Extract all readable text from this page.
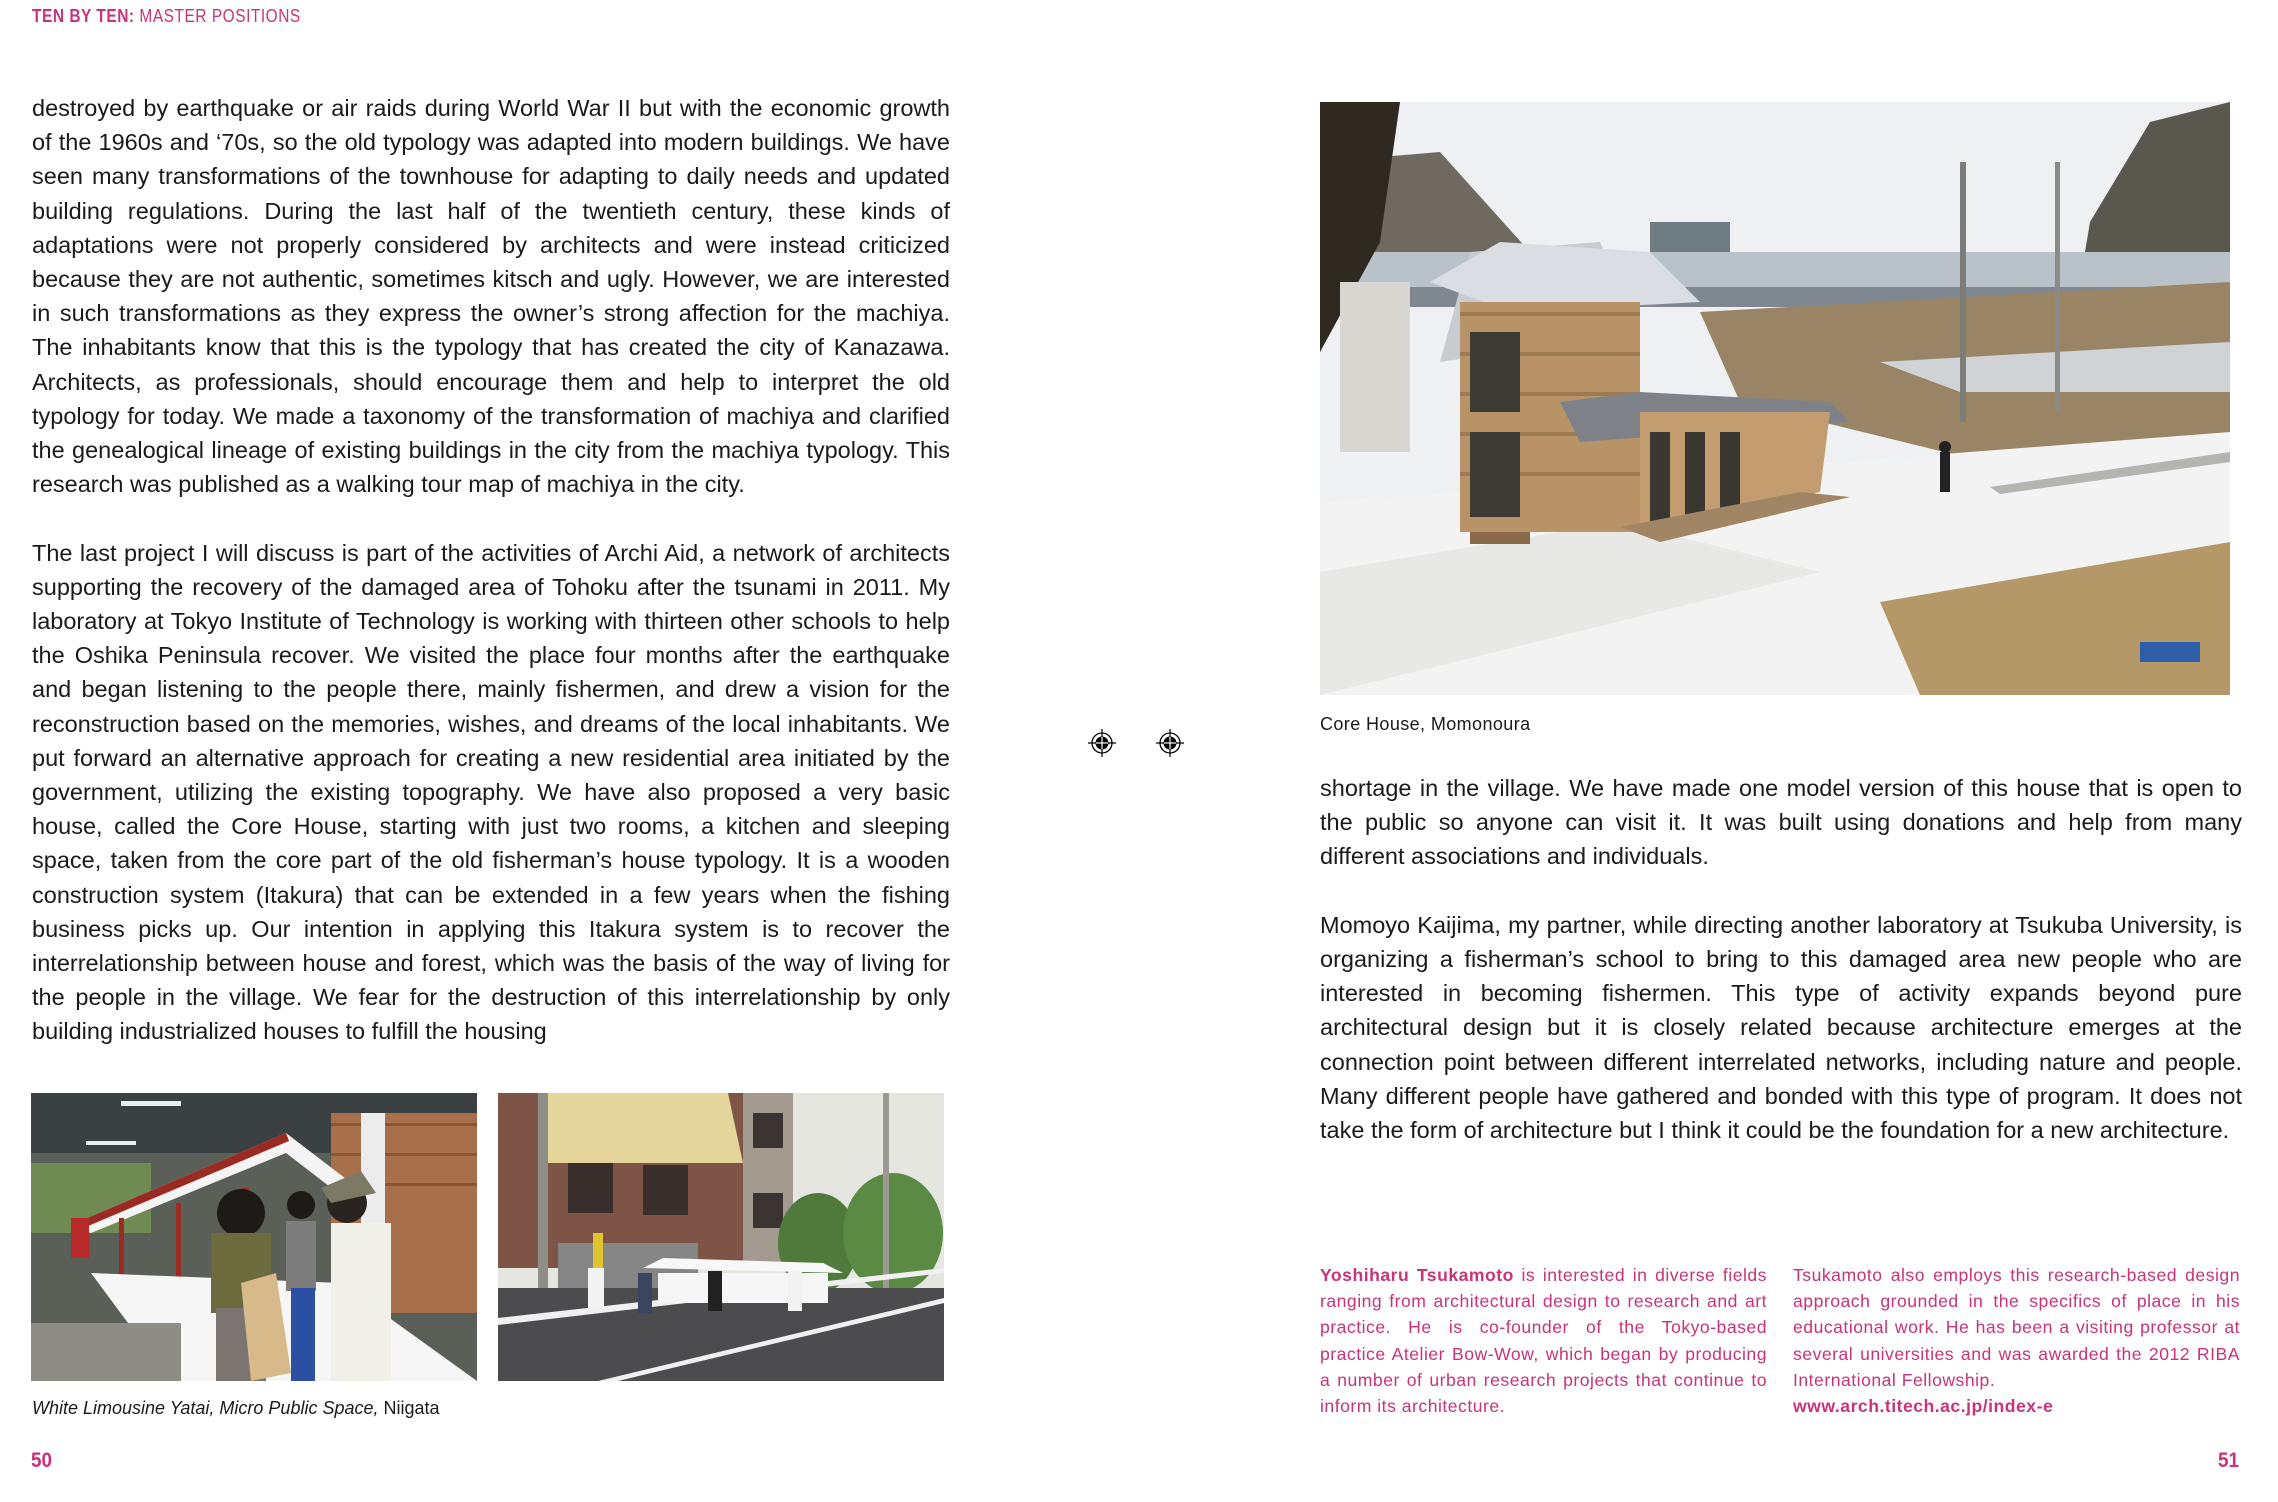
TEN BY TEN: MASTER POSITIONS

destroyed by earthquake or air raids during World War II but with the economic growth of the 1960s and ‘70s, so the old typology was adapted into modern buildings. We have seen many transformations of the townhouse for adapting to daily needs and updated building regulations. During the last half of the twentieth century, these kinds of adaptations were not properly considered by architects and were instead criticized because they are not authentic, sometimes kitsch and ugly. However, we are interested in such transformations as they express the owner’s strong affection for the machiya. The inhabitants know that this is the typology that has created the city of Kanazawa. Architects, as professionals, should encourage them and help to interpret the old typology for today. We made a taxonomy of the transformation of machiya and clarified the genealogical lineage of existing buildings in the city from the machiya typology. This research was published as a walking tour map of machiya in the city.

The last project I will discuss is part of the activities of Archi Aid, a network of architects supporting the recovery of the damaged area of Tohoku after the tsunami in 2011. My laboratory at Tokyo Institute of Technology is working with thirteen other schools to help the Oshika Peninsula recover. We visited the place four months after the earthquake and began listening to the people there, mainly fishermen, and drew a vision for the reconstruction based on the memories, wishes, and dreams of the local inhabitants. We put forward an alternative approach for creating a new residential area initiated by the government, utilizing the existing topography. We have also proposed a very basic house, called the Core House, starting with just two rooms, a kitchen and sleeping space, taken from the core part of the old fisherman’s house typology. It is a wooden construction system (Itakura) that can be extended in a few years when the fishing business picks up. Our intention in applying this Itakura system is to recover the interrelationship between house and forest, which was the basis of the way of living for the people in the village. We fear for the destruction of this interrelationship by only building industrialized houses to fulfill the housing

White Limousine Yatai, Micro Public Space, Niigata
50
Core House, Momonoura

shortage in the village. We have made one model version of this house that is open to the public so anyone can visit it. It was built using donations and help from many different associations and individuals.

Momoyo Kaijima, my partner, while directing another laboratory at Tsukuba University, is organizing a fisherman’s school to bring to this damaged area new people who are interested in becoming fishermen. This type of activity expands beyond pure architectural design but it is closely related because architecture emerges at the connection point between different interrelated networks, including nature and people. Many different people have gathered and bonded with this type of program. It does not take the form of architecture but I think it could be the foundation for a new architecture.

Yoshiharu Tsukamoto is interested in diverse fields ranging from architectural design to research and art practice. He is co-founder of the Tokyo-based practice Atelier Bow-Wow, which began by producing a number of urban research projects that continue to inform its architecture.

Tsukamoto also employs this research-based design approach grounded in the specifics of place in his educational work. He has been a visiting professor at several universities and was awarded the 2012 RIBA International Fellowship.

www.arch.titech.ac.jp/index-e

51
